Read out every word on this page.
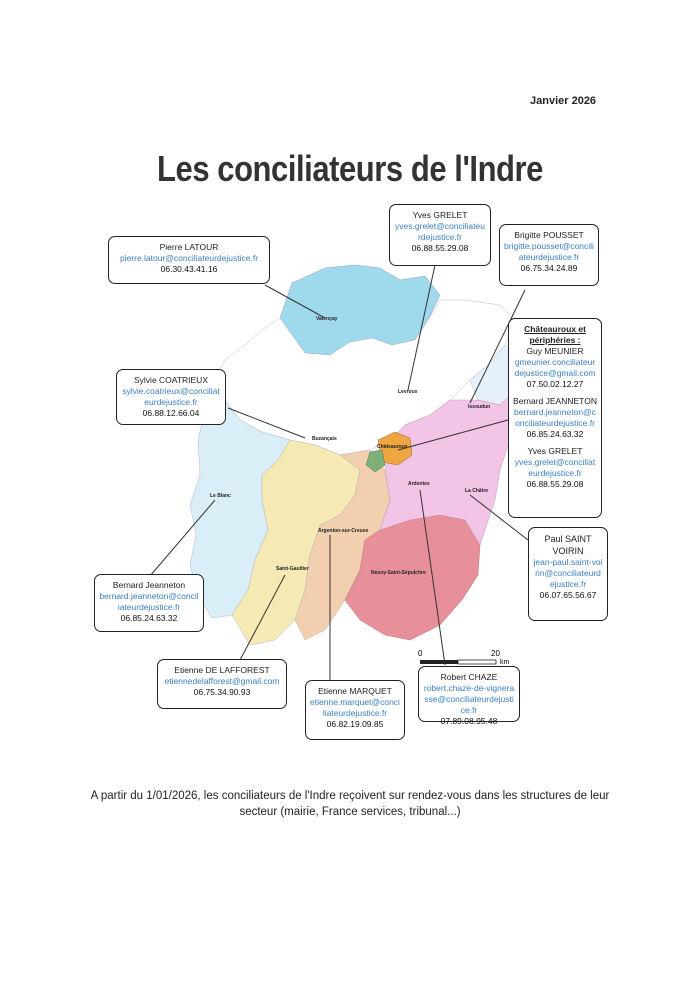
Janvier 2026
Les conciliateurs de l'Indre
Valençay
Levroux
Issoudun
Buzançais
Châteauroux
Ardentes
La Châtre
Le Blanc
Argenton-sur-Creuse
Saint-Gaultier
Neuvy-Saint-Sépulchre
0	20
km
Pierre LATOUR
pierre.latour@conciliateurdejustice.fr
06.30.43.41.16
Yves GRELET
yves.grelet@conciliateurdejustice.fr
06.88.55.29.08
Brigitte POUSSET
brigitte.pousset@conciliateurdejustice.fr
06.75.34.24.89
Châteauroux et périphéries :
Guy MEUNIER
gmeunier.conciliateurdejustice@gmail.com
07.50.02.12.27
Bernard JEANNETON
bernard.jeanneton@conciliateurdejustice.fr
06.85.24.63.32
Yves GRELET
yves.grelet@conciliateurdejustice.fr
06.88.55.29.08
Sylvie COATRIEUX
sylvie.coatrieux@conciliateurdejustice.fr
06.88.12.66.04
Bernard Jeanneton
bernard.jeanneton@conciliateurdejustice.fr
06.85.24.63.32
Etienne DE LAFFOREST
etiennedelafforest@gmail.com
06.75.34.90.93	Etienne MARQUET
etienne.marquet@conciliateurdejustice.fr
06.82.19.09.85
Robert CHAZE
robert.chaze-de-vignerasse@conciliateurdejustice.fr
07.89.08.95.48
Paul SAINT VOIRIN
jean-paul.saint-voirin@conciliateurdejustice.fr
06.07.65.56.67
A partir du 1/01/2026, les conciliateurs de l'Indre reçoivent sur rendez-vous dans les structures de leur secteur (mairie, France services, tribunal...)
